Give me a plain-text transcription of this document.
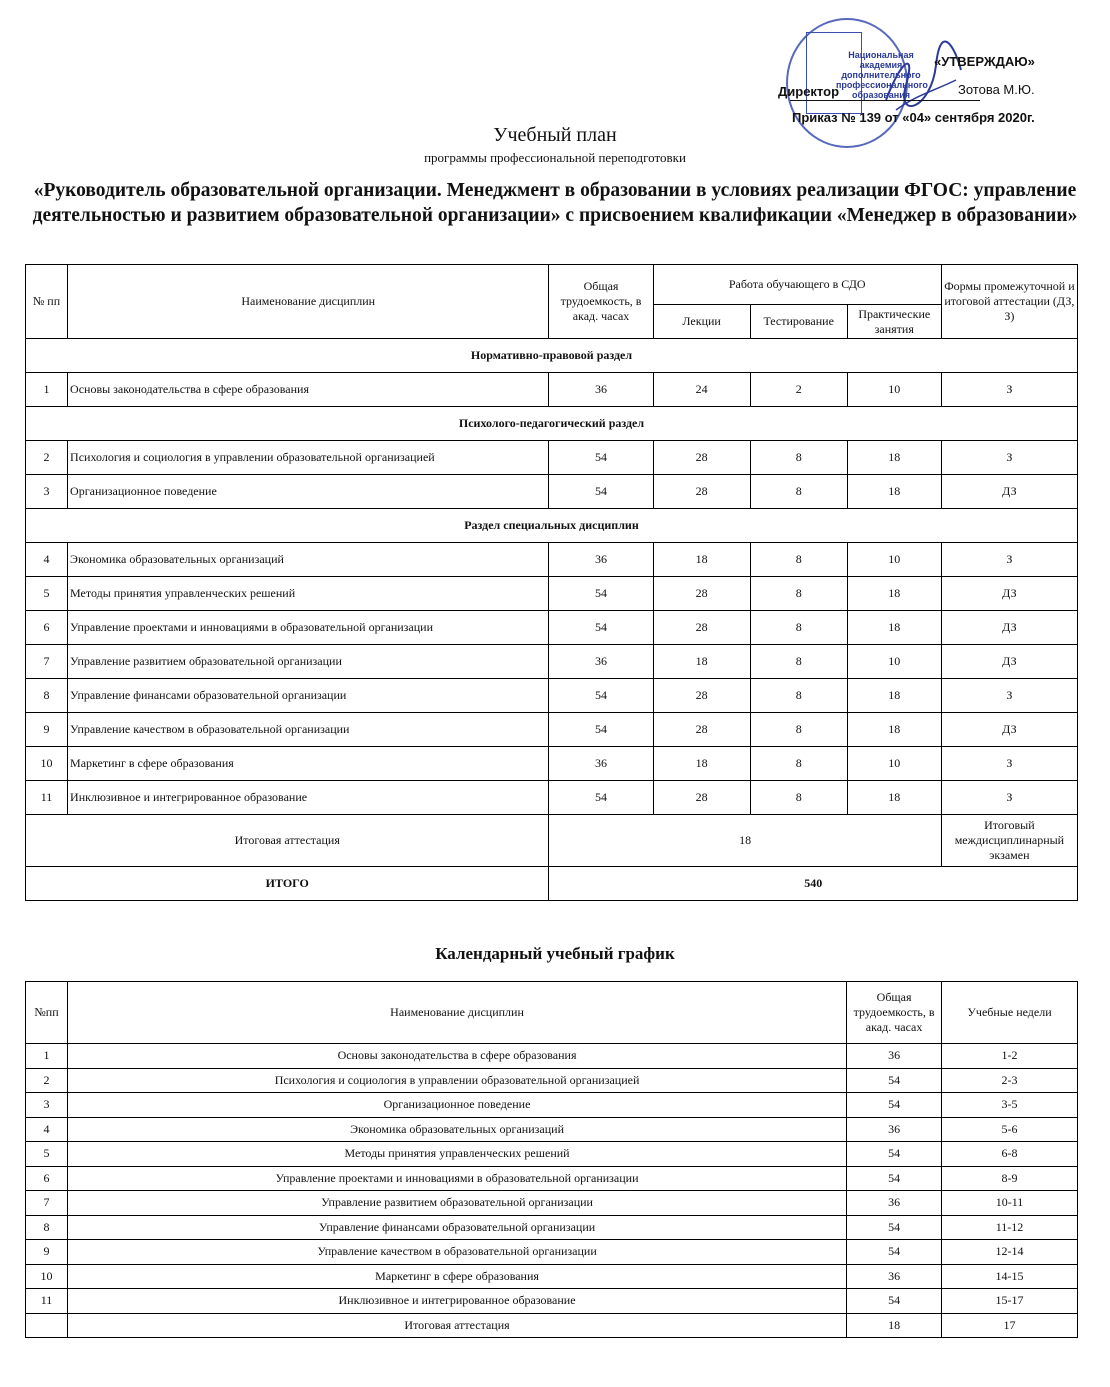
Национальная академия дополнительного профессионального образования
«УТВЕРЖДАЮ»
Директор	Зотова М.Ю.
Приказ № 139 от «04» сентября 2020г.
Учебный план
программы профессиональной переподготовки
«Руководитель образовательной организации. Менеджмент в образовании в условиях реализации ФГОС: управление деятельностью и развитием образовательной организации» с присвоением квалификации «Менеджер в образовании»
№ пп	Наименование дисциплин	Общая трудоемкость, в акад. часах	Работа обучающего в СДО			Формы промежуточной и итоговой аттестации (ДЗ, З)
			Лекции	Тестирование	Практические занятия	
Нормативно-правовой раздел						
1	Основы законодательства в сфере образования	36	24	2	10	З
Психолого-педагогический раздел						
2	Психология и социология в управлении образовательной организацией	54	28	8	18	З
3	Организационное поведение	54	28	8	18	ДЗ
Раздел специальных дисциплин						
4	Экономика образовательных организаций	36	18	8	10	З
5	Методы принятия управленческих решений	54	28	8	18	ДЗ
6	Управление проектами и инновациями в образовательной организации	54	28	8	18	ДЗ
7	Управление развитием образовательной организации	36	18	8	10	ДЗ
8	Управление финансами образовательной организации	54	28	8	18	З
9	Управление качеством в образовательной организации	54	28	8	18	ДЗ
10	Маркетинг в сфере образования	36	18	8	10	З
11	Инклюзивное и интегрированное образование	54	28	8	18	З
Итоговая аттестация		18				Итоговый междисциплинарный экзамен
ИТОГО		540				
Календарный учебный график
№пп	Наименование дисциплин	Общая трудоемкость, в акад. часах	Учебные недели
1	Основы законодательства в сфере образования	36	1-2
2	Психология и социология в управлении образовательной организацией	54	2-3
3	Организационное поведение	54	3-5
4	Экономика образовательных организаций	36	5-6
5	Методы принятия управленческих решений	54	6-8
6	Управление проектами и инновациями в образовательной организации	54	8-9
7	Управление развитием образовательной организации	36	10-11
8	Управление финансами образовательной организации	54	11-12
9	Управление качеством в образовательной организации	54	12-14
10	Маркетинг в сфере образования	36	14-15
11	Инклюзивное и интегрированное образование	54	15-17
	Итоговая аттестация	18	17
